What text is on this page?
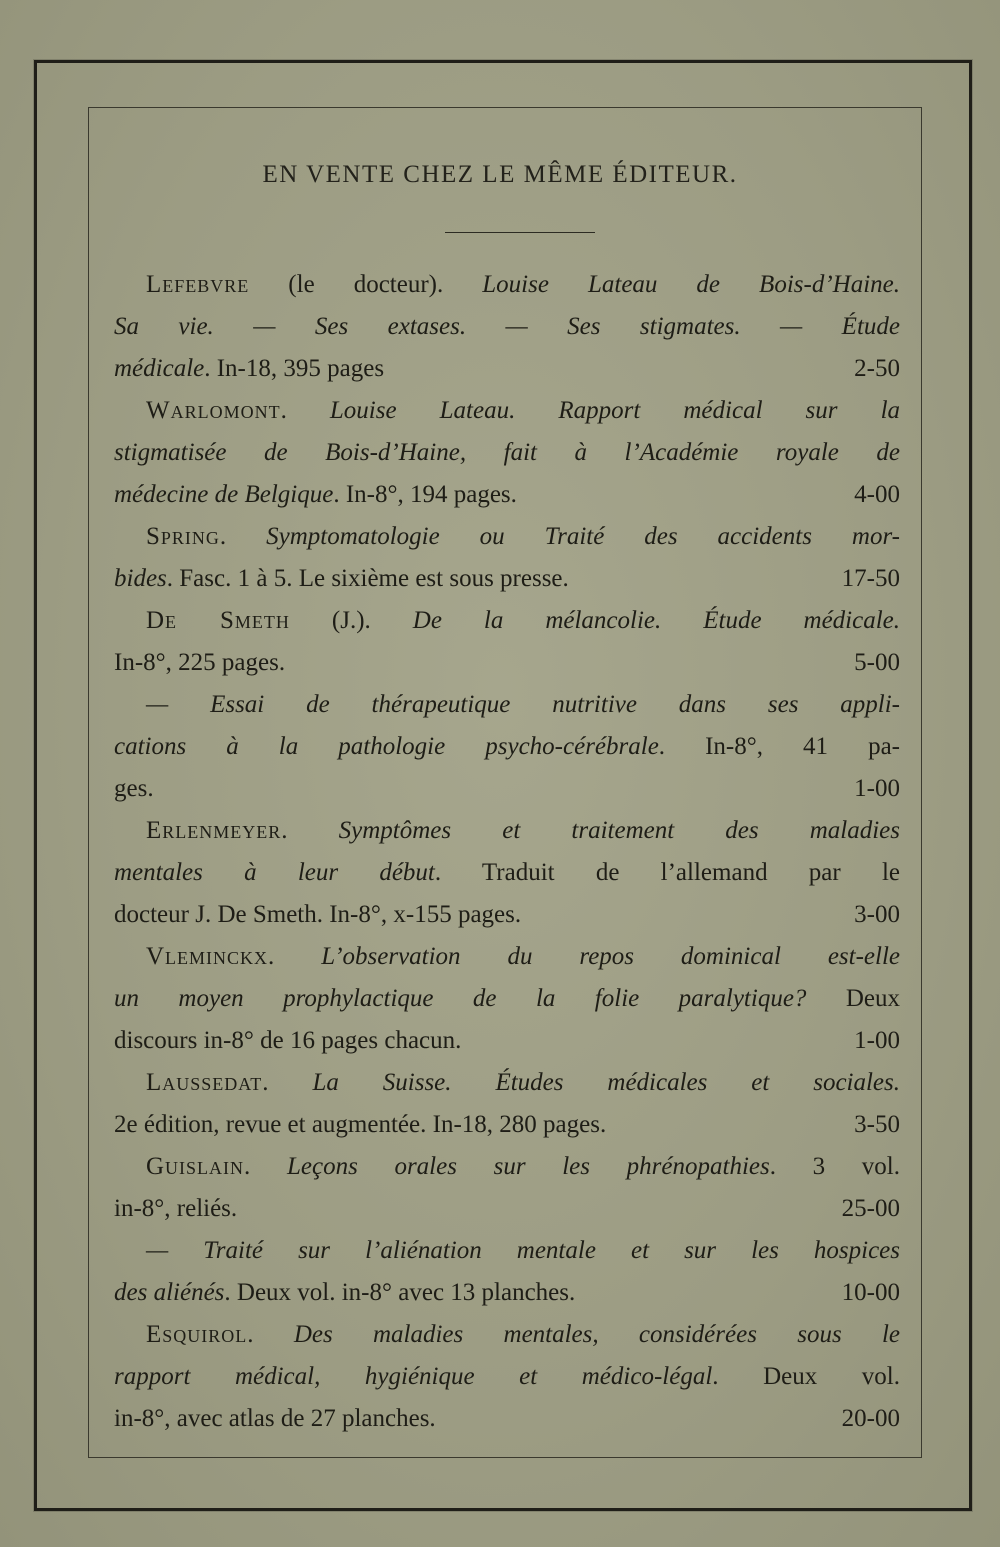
EN VENTE CHEZ LE MÊME ÉDITEUR.
Lefebvre (le docteur). Louise Lateau de Bois-d’Haine.
Sa vie. — Ses extases. — Ses stigmates. — Étude
médicale. In-18, 395 pages	2-50
Warlomont. Louise Lateau. Rapport médical sur la
stigmatisée de Bois-d’Haine, fait à l’Académie royale de
médecine de Belgique. In-8°, 194 pages.	4-00
Spring. Symptomatologie ou Traité des accidents mor-
bides. Fasc. 1 à 5. Le sixième est sous presse.	17-50
De Smeth (J.). De la mélancolie. Étude médicale.
In-8°, 225 pages.	5-00
— Essai de thérapeutique nutritive dans ses appli-
cations à la pathologie psycho-cérébrale. In-8°, 41 pa-
ges.	1-00
Erlenmeyer. Symptômes et traitement des maladies
mentales à leur début. Traduit de l’allemand par le
docteur J. De Smeth. In-8°, x-155 pages.	3-00
Vleminckx. L’observation du repos dominical est-elle
un moyen prophylactique de la folie paralytique? Deux
discours in-8° de 16 pages chacun.	1-00
Laussedat. La Suisse. Études médicales et sociales.
2e édition, revue et augmentée. In-18, 280 pages.	3-50
Guislain. Leçons orales sur les phrénopathies. 3 vol.
in-8°, reliés.	25-00
— Traité sur l’aliénation mentale et sur les hospices
des aliénés. Deux vol. in-8° avec 13 planches.	10-00
Esquirol. Des maladies mentales, considérées sous le
rapport médical, hygiénique et médico-légal. Deux vol.
in-8°, avec atlas de 27 planches.	20-00
